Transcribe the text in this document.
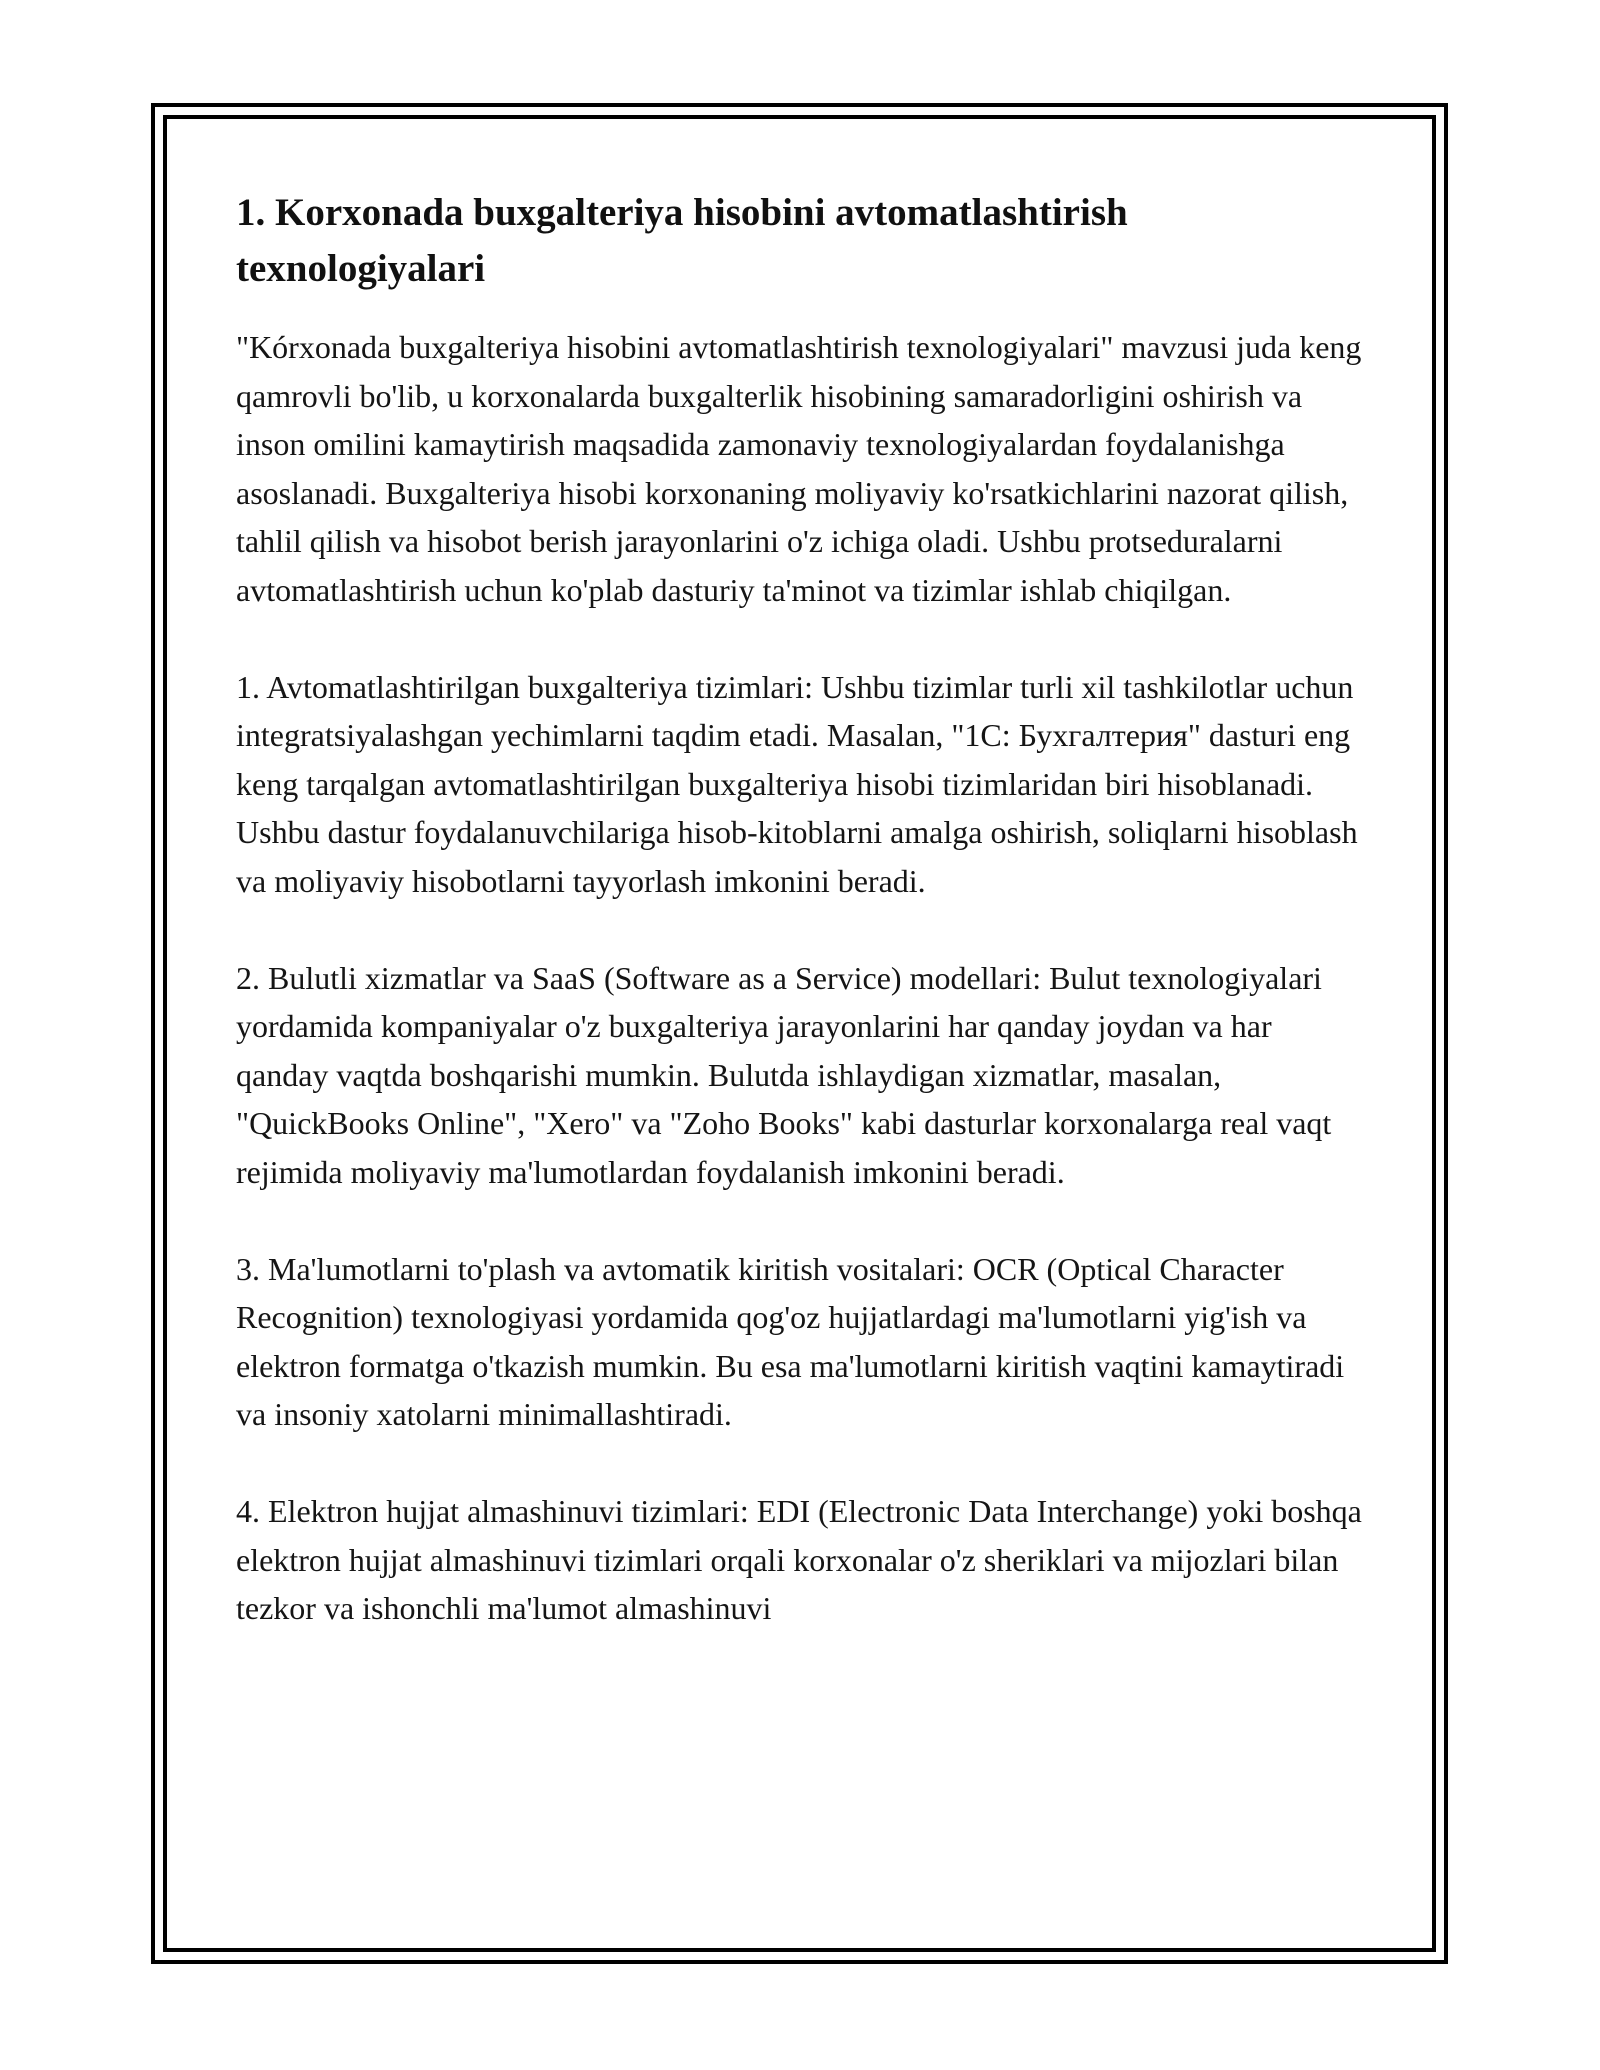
1. Korxonada buxgalteriya hisobini avtomatlashtirish texnologiyalari

"Kórxonada buxgalteriya hisobini avtomatlashtirish texnologiyalari" mavzusi juda keng qamrovli bo'lib, u korxonalarda buxgalterlik hisobining samaradorligini oshirish va inson omilini kamaytirish maqsadida zamonaviy texnologiyalardan foydalanishga asoslanadi. Buxgalteriya hisobi korxonaning moliyaviy ko'rsatkichlarini nazorat qilish, tahlil qilish va hisobot berish jarayonlarini o'z ichiga oladi. Ushbu protseduralarni avtomatlashtirish uchun ko'plab dasturiy ta'minot va tizimlar ishlab chiqilgan.

1. Avtomatlashtirilgan buxgalteriya tizimlari: Ushbu tizimlar turli xil tashkilotlar uchun integratsiyalashgan yechimlarni taqdim etadi. Masalan, "1C: Бухгалтерия" dasturi eng keng tarqalgan avtomatlashtirilgan buxgalteriya hisobi tizimlaridan biri hisoblanadi. Ushbu dastur foydalanuvchilariga hisob-kitoblarni amalga oshirish, soliqlarni hisoblash va moliyaviy hisobotlarni tayyorlash imkonini beradi.

2. Bulutli xizmatlar va SaaS (Software as a Service) modellari: Bulut texnologiyalari yordamida kompaniyalar o'z buxgalteriya jarayonlarini har qanday joydan va har qanday vaqtda boshqarishi mumkin. Bulutda ishlaydigan xizmatlar, masalan, "QuickBooks Online", "Xero" va "Zoho Books" kabi dasturlar korxonalarga real vaqt rejimida moliyaviy ma'lumotlardan foydalanish imkonini beradi.

3. Ma'lumotlarni to'plash va avtomatik kiritish vositalari: OCR (Optical Character Recognition) texnologiyasi yordamida qog'oz hujjatlardagi ma'lumotlarni yig'ish va elektron formatga o'tkazish mumkin. Bu esa ma'lumotlarni kiritish vaqtini kamaytiradi va insoniy xatolarni minimallashtiradi.

4. Elektron hujjat almashinuvi tizimlari: EDI (Electronic Data Interchange) yoki boshqa elektron hujjat almashinuvi tizimlari orqali korxonalar o'z sheriklari va mijozlari bilan tezkor va ishonchli ma'lumot almashinuvi
